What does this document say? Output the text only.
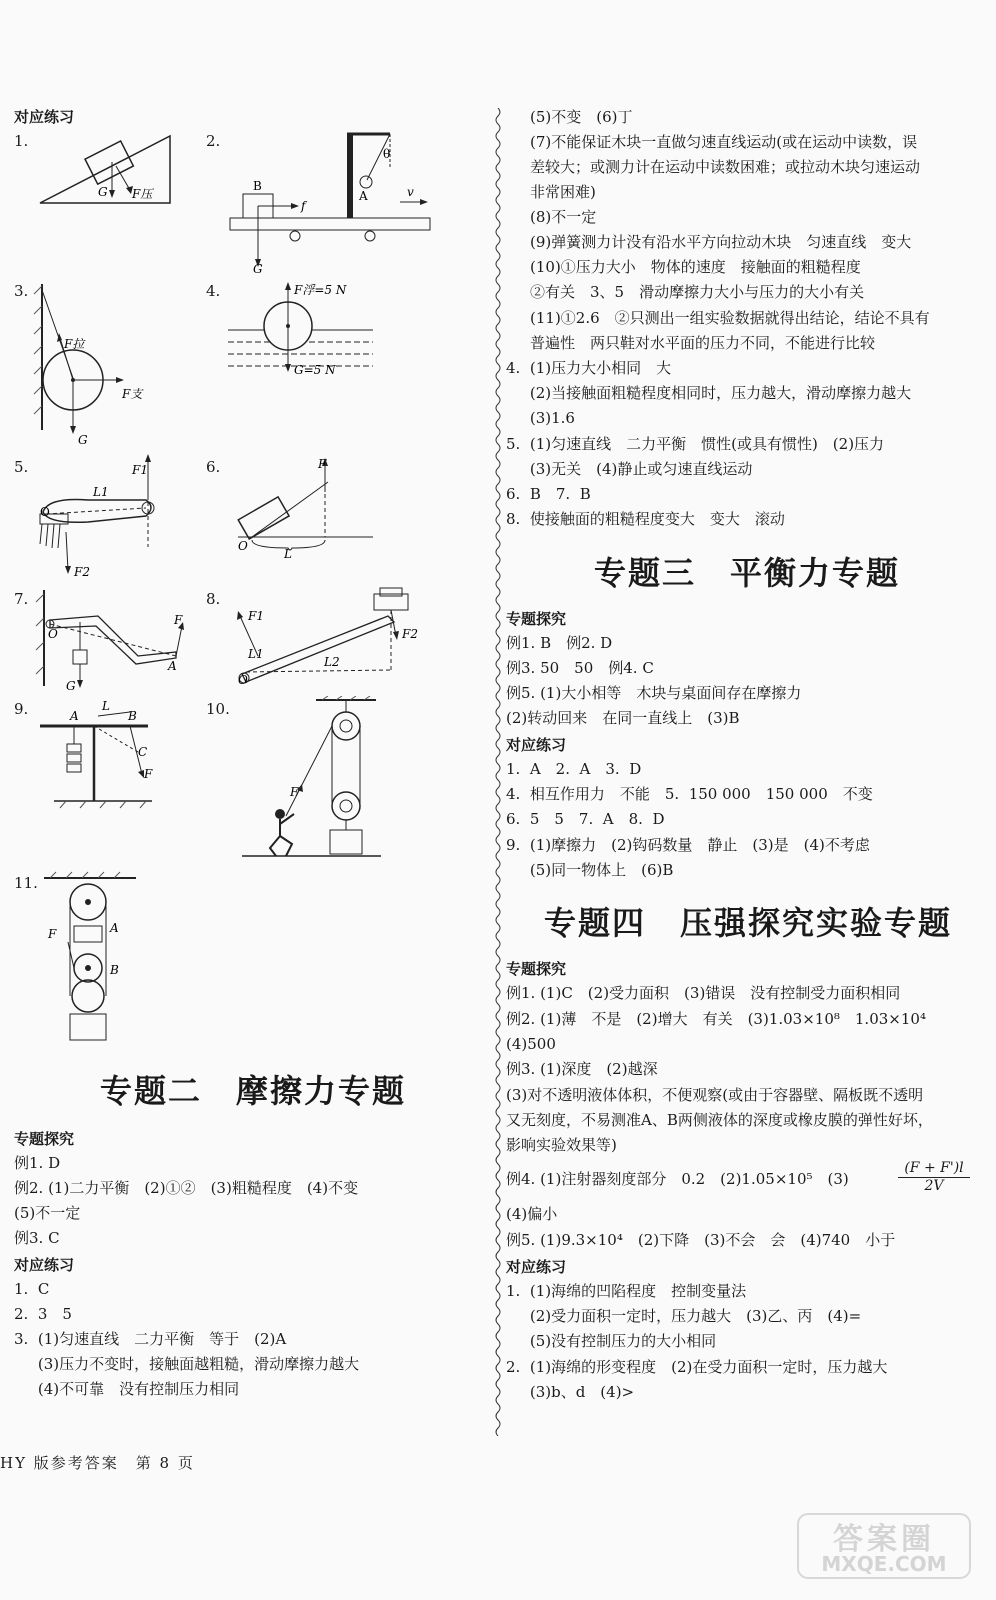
对应练习
1.	2.
3.	4.
5.	6.
7.	8.
9.	10.
11.
G F压
B
f
G
A
θ
v
F拉
F支
G
F浮=5 N
G=5 N
F1
L1
O
F2
F
O
L
O
F
G
A
F1
F2
L1
L2
O
A
L
B
C
F
F
F	A
B
专题二　摩擦力专题
专题探究
例1. D
例2. (1)二力平衡　(2)①②　(3)粗糙程度　(4)不变
(5)不一定
例3. C
对应练习
1.  C
2.  3　5
3.  (1)匀速直线　二力平衡　等于　(2)A
(3)压力不变时，接触面越粗糙，滑动摩擦力越大
(4)不可靠　没有控制压力相同
(5)不变　(6)丁
(7)不能保证木块一直做匀速直线运动(或在运动中读数，误
差较大；或测力计在运动中读数困难；或拉动木块匀速运动
非常困难)
(8)不一定
(9)弹簧测力计没有沿水平方向拉动木块　匀速直线　变大
(10)①压力大小　物体的速度　接触面的粗糙程度
②有关　3、5　滑动摩擦力大小与压力的大小有关
(11)①2.6　②只测出一组实验数据就得出结论，结论不具有
普遍性　两只鞋对水平面的压力不同，不能进行比较
4.  (1)压力大小相同　大
(2)当接触面粗糙程度相同时，压力越大，滑动摩擦力越大
(3)1.6
5.  (1)匀速直线　二力平衡　惯性(或具有惯性)　(2)压力
(3)无关　(4)静止或匀速直线运动
6.  B　7.  B
8.  使接触面的粗糙程度变大　变大　滚动
专题三　平衡力专题
专题探究
例1. B　例2. D
例3. 50　50　例4. C
例5. (1)大小相等　木块与桌面间存在摩擦力
(2)转动回来　在同一直线上　(3)B
对应练习
1.  A　2.  A　3.  D
4.  相互作用力　不能　5.  150 000　150 000　不变
6.  5　5　7.  A　8.  D
9.  (1)摩擦力　(2)钩码数量　静止　(3)是　(4)不考虑
(5)同一物体上　(6)B
专题四　压强探究实验专题
专题探究
例1. (1)C　(2)受力面积　(3)错误　没有控制受力面积相同
例2. (1)薄　不是　(2)增大　有关　(3)1.03×10⁸　1.03×10⁴
(4)500
例3. (1)深度　(2)越深
(3)对不透明液体体积，不便观察(或由于容器壁、隔板既不透明
又无刻度，不易测准A、B两侧液体的深度或橡皮膜的弹性好坏，
影响实验效果等)
例4. (1)注射器刻度部分　0.2　(2)1.05×10⁵　(3)	$\frac{(F + F')l}{2V}$
(4)偏小
例5. (1)9.3×10⁴　(2)下降　(3)不会　会　(4)740　小于
对应练习
1.  (1)海绵的凹陷程度　控制变量法
(2)受力面积一定时，压力越大　(3)乙、丙　(4)=
(5)没有控制压力的大小相同
2.  (1)海绵的形变程度　(2)在受力面积一定时，压力越大
(3)b、d　(4)>
HY 版参考答案　第 8 页
答案圈
MXQE.COM
